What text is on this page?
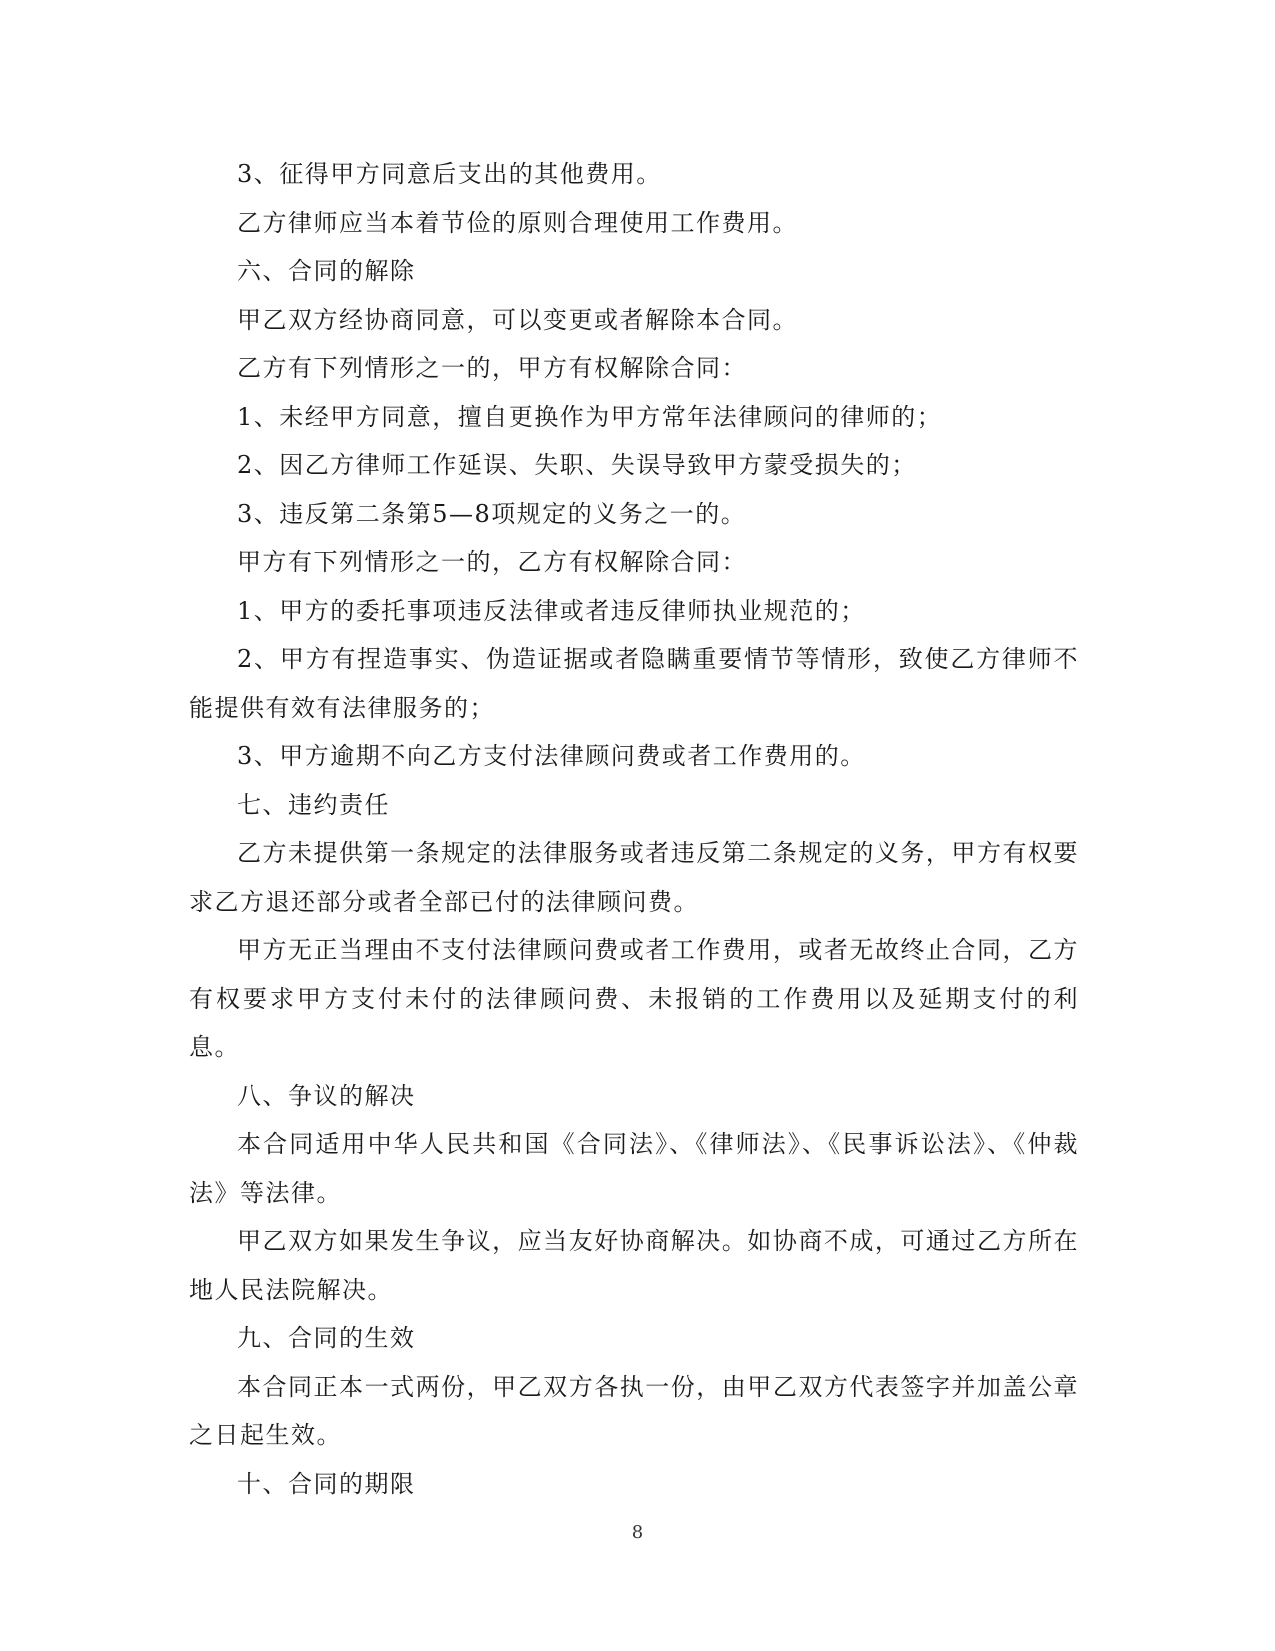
3、征得甲方同意后支出的其他费用。

乙方律师应当本着节俭的原则合理使用工作费用。

六、合同的解除

甲乙双方经协商同意，可以变更或者解除本合同。

乙方有下列情形之一的，甲方有权解除合同：

1、未经甲方同意，擅自更换作为甲方常年法律顾问的律师的；

2、因乙方律师工作延误、失职、失误导致甲方蒙受损失的；

3、违反第二条第5—8项规定的义务之一的。

甲方有下列情形之一的，乙方有权解除合同：

1、甲方的委托事项违反法律或者违反律师执业规范的；

2、甲方有捏造事实、伪造证据或者隐瞒重要情节等情形，致使乙方律师不能提供有效有法律服务的；

3、甲方逾期不向乙方支付法律顾问费或者工作费用的。

七、违约责任

乙方未提供第一条规定的法律服务或者违反第二条规定的义务，甲方有权要求乙方退还部分或者全部已付的法律顾问费。

甲方无正当理由不支付法律顾问费或者工作费用，或者无故终止合同，乙方有权要求甲方支付未付的法律顾问费、未报销的工作费用以及延期支付的利息。

八、争议的解决

本合同适用中华人民共和国《合同法》、《律师法》、《民事诉讼法》、《仲裁法》等法律。

甲乙双方如果发生争议，应当友好协商解决。如协商不成，可通过乙方所在地人民法院解决。

九、合同的生效

本合同正本一式两份，甲乙双方各执一份，由甲乙双方代表签字并加盖公章之日起生效。

十、合同的期限

8
